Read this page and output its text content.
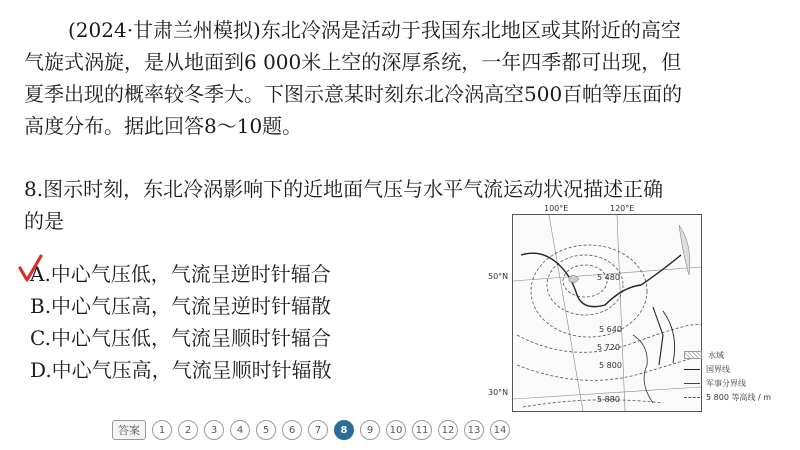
(2024·甘肃兰州模拟)东北冷涡是活动于我国东北地区或其附近的高空
气旋式涡旋，是从地面到6 000米上空的深厚系统，一年四季都可出现，但
夏季出现的概率较冬季大。下图示意某时刻东北冷涡高空500百帕等压面的
高度分布。据此回答8～10题。
8.图示时刻，东北冷涡影响下的近地面气压与水平气流运动状况描述正确
的是
A.中心气压低，气流呈逆时针辐合
B.中心气压高，气流呈逆时针辐散
C.中心气压低，气流呈顺时针辐合
D.中心气压高，气流呈顺时针辐散
100°E	120°E
50°N
30°N
5 480
5 640
5 720
5 800
5 880
水域
国界线
军事分界线
5 800 等高线 / m
答案	1	2	3	4	5	6	7	8	9	10	11	12	13	14
